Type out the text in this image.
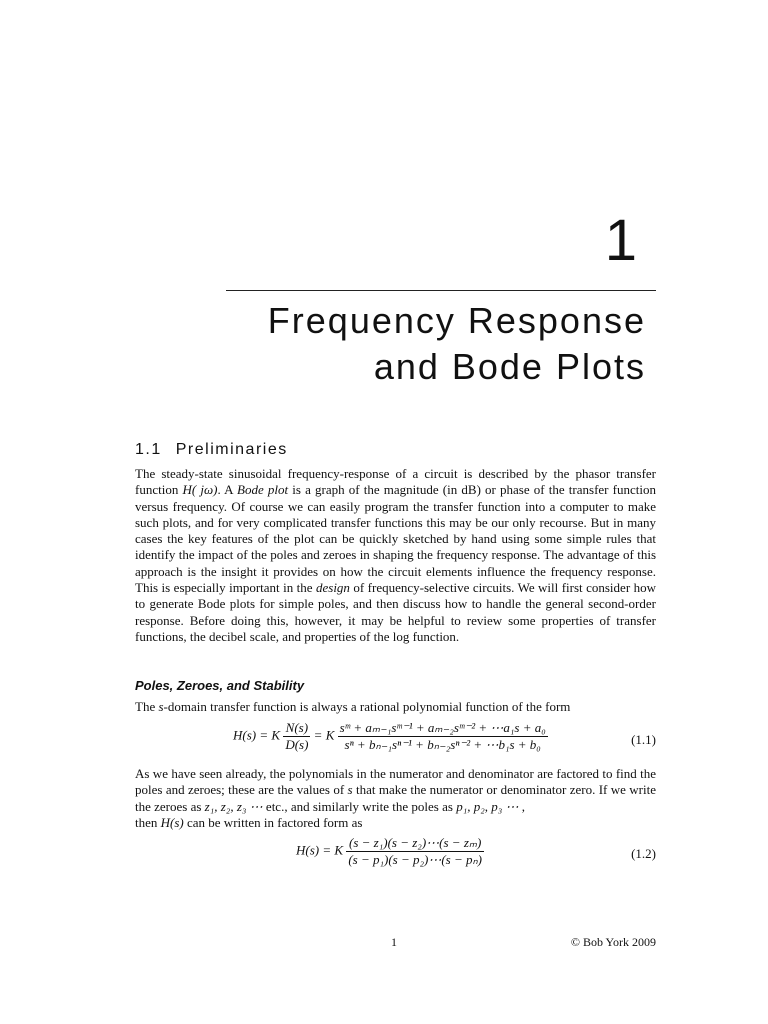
1
Frequency Response
and Bode Plots
1.1 Preliminaries
The steady-state sinusoidal frequency-response of a circuit is described by the phasor transfer function H( jω). A Bode plot is a graph of the magnitude (in dB) or phase of the transfer function versus frequency. Of course we can easily program the transfer function into a computer to make such plots, and for very complicated transfer functions this may be our only recourse. But in many cases the key features of the plot can be quickly sketched by hand using some simple rules that identify the impact of the poles and zeroes in shaping the frequency response. The advantage of this approach is the insight it provides on how the circuit elements influence the frequency response. This is especially important in the design of frequency-selective circuits. We will first consider how to generate Bode plots for simple poles, and then discuss how to handle the general second-order response. Before doing this, however, it may be helpful to review some properties of transfer functions, the decibel scale, and properties of the log function.
Poles, Zeroes, and Stability
The s-domain transfer function is always a rational polynomial function of the form
H(s) = K $\frac{N(s)}{D(s)} = K \frac{\text{sᵐ + aₘ₋₁sᵐ⁻¹ + aₘ₋₂sᵐ⁻² + ⋯a₁s + a₀}}{\text{sⁿ + bₙ₋₁sⁿ⁻¹ + bₙ₋₂sⁿ⁻² + ⋯b₁s + b₀}}$	(1.1)
As we have seen already, the polynomials in the numerator and denominator are factored to find the poles and zeroes; these are the values of s that make the numerator or denominator zero. If we write the zeroes as z₁, z₂, z₃ ⋯ etc., and similarly write the poles as p₁, p₂, p₃ ⋯ ,
then H(s) can be written in factored form as
H(s) = K $\frac{\text{(s − z₁)(s − z₂)⋯(s − zₘ)}}{\text{(s − p₁)(s − p₂)⋯(s − pₙ)}}$	(1.2)
1	© Bob York 2009
